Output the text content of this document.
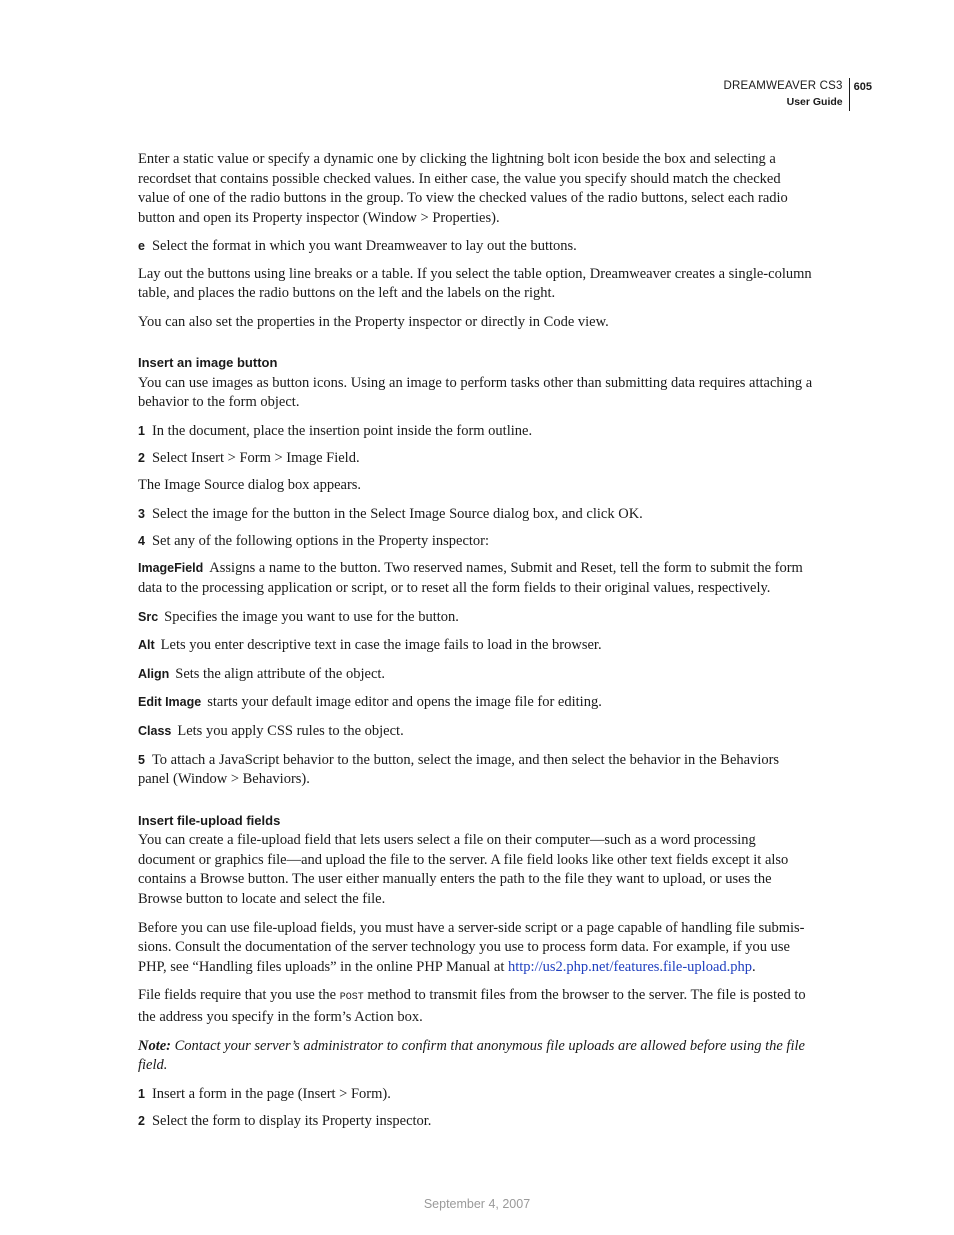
DREAMWEAVER CS3
User Guide
605

Enter a static value or specify a dynamic one by clicking the lightning bolt icon beside the box and selecting a recordset that contains possible checked values. In either case, the value you specify should match the checked value of one of the radio buttons in the group. To view the checked values of the radio buttons, select each radio button and open its Property inspector (Window > Properties).

e Select the format in which you want Dreamweaver to lay out the buttons.

Lay out the buttons using line breaks or a table. If you select the table option, Dreamweaver creates a single-column table, and places the radio buttons on the left and the labels on the right.

You can also set the properties in the Property inspector or directly in Code view.

Insert an image button

You can use images as button icons. Using an image to perform tasks other than submitting data requires attaching a behavior to the form object.

1 In the document, place the insertion point inside the form outline.

2 Select Insert > Form > Image Field.

The Image Source dialog box appears.

3 Select the image for the button in the Select Image Source dialog box, and click OK.

4 Set any of the following options in the Property inspector:

ImageField Assigns a name to the button. Two reserved names, Submit and Reset, tell the form to submit the form data to the processing application or script, or to reset all the form fields to their original values, respectively.

Src Specifies the image you want to use for the button.

Alt Lets you enter descriptive text in case the image fails to load in the browser.

Align Sets the align attribute of the object.

Edit Image starts your default image editor and opens the image file for editing.

Class Lets you apply CSS rules to the object.

5 To attach a JavaScript behavior to the button, select the image, and then select the behavior in the Behaviors panel (Window > Behaviors).

Insert file-upload fields

You can create a file-upload field that lets users select a file on their computer—such as a word processing document or graphics file—and upload the file to the server. A file field looks like other text fields except it also contains a Browse button. The user either manually enters the path to the file they want to upload, or uses the Browse button to locate and select the file.

Before you can use file-upload fields, you must have a server-side script or a page capable of handling file submis-sions. Consult the documentation of the server technology you use to process form data. For example, if you use PHP, see “Handling files uploads” in the online PHP Manual at http://us2.php.net/features.file-upload.php.

File fields require that you use the POST method to transmit files from the browser to the server. The file is posted to the address you specify in the form’s Action box.

Note: Contact your server’s administrator to confirm that anonymous file uploads are allowed before using the file field.

1 Insert a form in the page (Insert > Form).

2 Select the form to display its Property inspector.

September 4, 2007
